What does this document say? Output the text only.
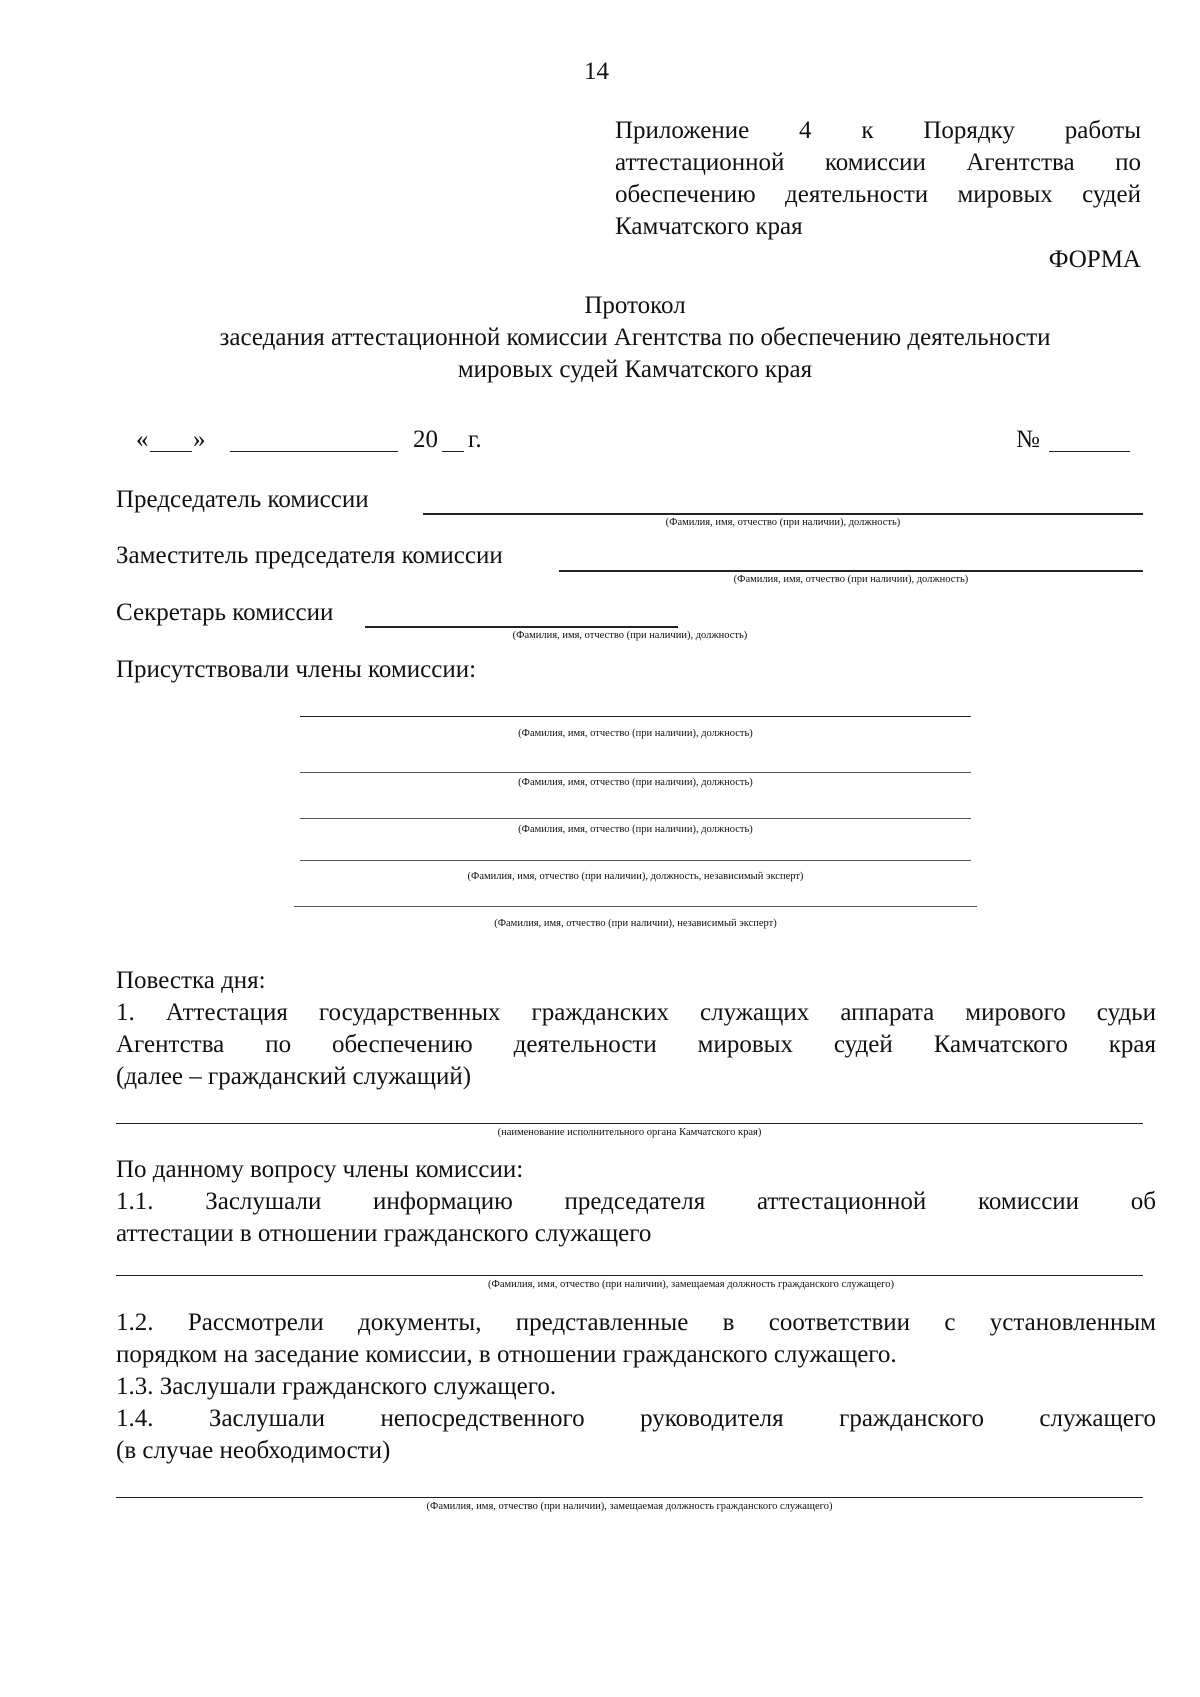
14
Приложение 4 к Порядку работы
аттестационной комиссии Агентства по
обеспечению деятельности мировых судей
Камчатского края
ФОРМА
Протокол
заседания аттестационной комиссии Агентства по обеспечению деятельности
мировых судей Камчатского края
« »	20 г.	№
Председатель комиссии
(Фамилия, имя, отчество (при наличии), должность)
Заместитель председателя комиссии
(Фамилия, имя, отчество (при наличии), должность)
Секретарь комиссии
(Фамилия, имя, отчество (при наличии), должность)
Присутствовали члены комиссии:
(Фамилия, имя, отчество (при наличии), должность)
(Фамилия, имя, отчество (при наличии), должность)
(Фамилия, имя, отчество (при наличии), должность)
(Фамилия, имя, отчество (при наличии), должность, независимый эксперт)
(Фамилия, имя, отчество (при наличии), независимый эксперт)
Повестка дня:
1. Аттестация государственных гражданских служащих аппарата мирового судьи
Агентства по обеспечению деятельности мировых судей Камчатского края
(далее – гражданский служащий)
(наименование исполнительного органа Камчатского края)
По данному вопросу члены комиссии:
1.1. Заслушали информацию председателя аттестационной комиссии об
аттестации в отношении гражданского служащего
(Фамилия, имя, отчество (при наличии), замещаемая должность гражданского служащего)
1.2. Рассмотрели документы, представленные в соответствии с установленным
порядком на заседание комиссии, в отношении гражданского служащего.
1.3. Заслушали гражданского служащего.
1.4. Заслушали непосредственного руководителя гражданского служащего
(в случае необходимости)
(Фамилия, имя, отчество (при наличии), замещаемая должность гражданского служащего)
